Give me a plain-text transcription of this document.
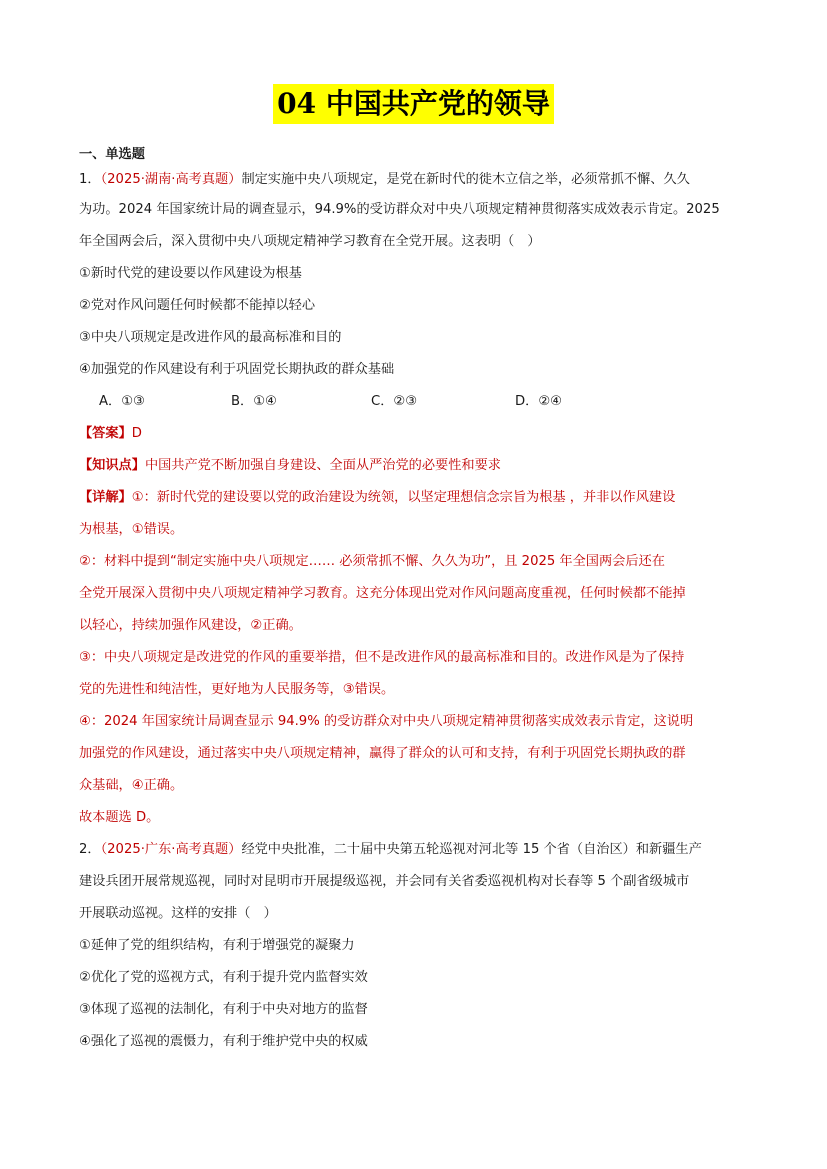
04 中国共产党的领导

一、单选题

1．（2025·湖南·高考真题）制定实施中央八项规定，是党在新时代的徙木立信之举，必须常抓不懈、久久

为功。2024 年国家统计局的调查显示，94.9%的受访群众对中央八项规定精神贯彻落实成效表示肯定。2025

年全国两会后，深入贯彻中央八项规定精神学习教育在全党开展。这表明（　）

①新时代党的建设要以作风建设为根基

②党对作风问题任何时候都不能掉以轻心

③中央八项规定是改进作风的最高标准和目的

④加强党的作风建设有利于巩固党长期执政的群众基础

A．①③	B．①④	C．②③	D．②④

【答案】D

【知识点】中国共产党不断加强自身建设、全面从严治党的必要性和要求

【详解】①：新时代党的建设要以党的政治建设为统领，以坚定理想信念宗旨为根基 ，并非以作风建设

为根基，①错误。

②：材料中提到“制定实施中央八项规定…… 必须常抓不懈、久久为功”，且 2025 年全国两会后还在

全党开展深入贯彻中央八项规定精神学习教育。这充分体现出党对作风问题高度重视，任何时候都不能掉

以轻心，持续加强作风建设，②正确。

③：中央八项规定是改进党的作风的重要举措，但不是改进作风的最高标准和目的。改进作风是为了保持

党的先进性和纯洁性，更好地为人民服务等，③错误。

④：2024 年国家统计局调查显示 94.9% 的受访群众对中央八项规定精神贯彻落实成效表示肯定，这说明

加强党的作风建设，通过落实中央八项规定精神，赢得了群众的认可和支持，有利于巩固党长期执政的群

众基础，④正确。

故本题选 D。

2．（2025·广东·高考真题）经党中央批准，二十届中央第五轮巡视对河北等 15 个省（自治区）和新疆生产

建设兵团开展常规巡视，同时对昆明市开展提级巡视，并会同有关省委巡视机构对长春等 5 个副省级城市

开展联动巡视。这样的安排（　）

①延伸了党的组织结构，有利于增强党的凝聚力

②优化了党的巡视方式，有利于提升党内监督实效

③体现了巡视的法制化，有利于中央对地方的监督

④强化了巡视的震慑力，有利于维护党中央的权威
